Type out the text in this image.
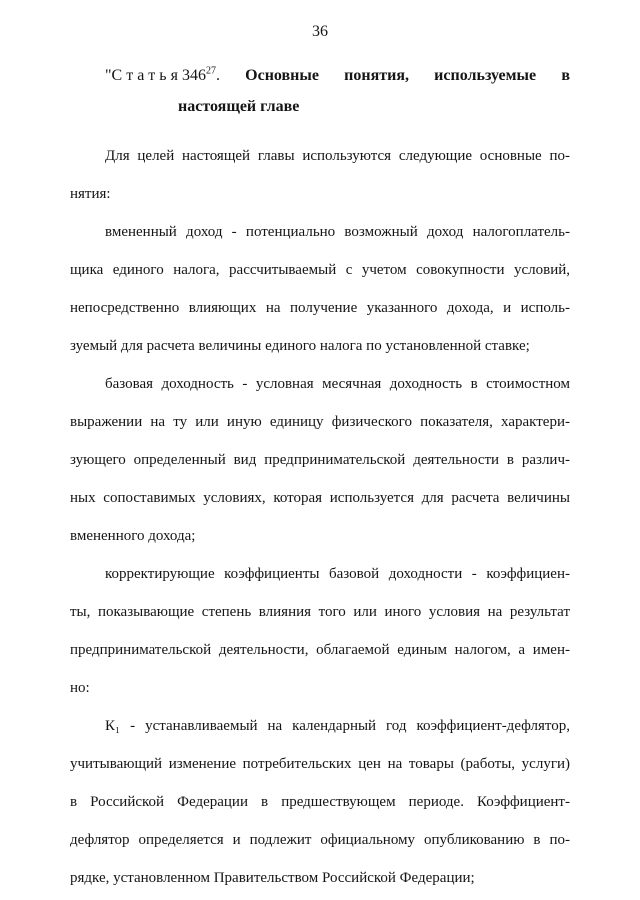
36
"С т а т ь я $346^{27}$. Основные понятия, используемые в
настоящей главе
Для целей настоящей главы используются следующие основные по-
нятия:
вмененный доход - потенциально возможный доход налогоплатель-
щика единого налога, рассчитываемый с учетом совокупности условий,
непосредственно влияющих на получение указанного дохода, и исполь-
зуемый для расчета величины единого налога по установленной ставке;
базовая доходность - условная месячная доходность в стоимостном
выражении на ту или иную единицу физического показателя, характери-
зующего определенный вид предпринимательской деятельности в различ-
ных сопоставимых условиях, которая используется для расчета величины
вмененного дохода;
корректирующие коэффициенты базовой доходности - коэффициен-
ты, показывающие степень влияния того или иного условия на результат
предпринимательской деятельности, облагаемой единым налогом, а имен-
но:
К₁ - устанавливаемый на календарный год коэффициент-дефлятор,
учитывающий изменение потребительских цен на товары (работы, услуги)
в Российской Федерации в предшествующем периоде. Коэффициент-
дефлятор определяется и подлежит официальному опубликованию в по-
рядке, установленном Правительством Российской Федерации;
